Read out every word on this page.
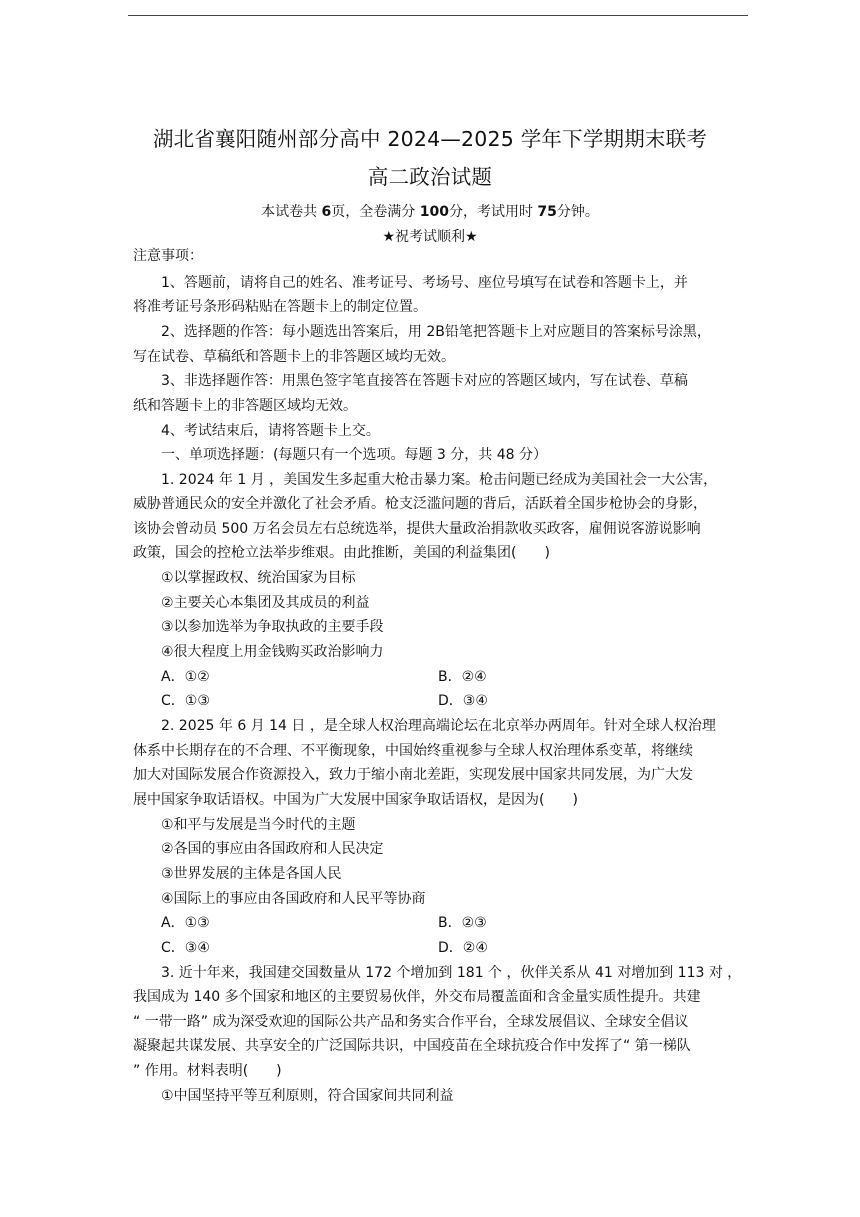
湖北省襄阳随州部分高中 2024—2025 学年下学期期末联考
高二政治试题
本试卷共 6页，全卷满分 100分，考试用时 75分钟。
★祝考试顺利★
注意事项：
1、答题前，请将自己的姓名、准考证号、考场号、座位号填写在试卷和答题卡上，并
将准考证号条形码粘贴在答题卡上的制定位置。
2、选择题的作答：每小题选出答案后，用 2B铅笔把答题卡上对应题目的答案标号涂黑，
写在试卷、草稿纸和答题卡上的非答题区域均无效。
3、非选择题作答：用黑色签字笔直接答在答题卡对应的答题区域内，写在试卷、草稿
纸和答题卡上的非答题区域均无效。
4、考试结束后，请将答题卡上交。
一、单项选择题：(每题只有一个选项。每题 3 分，共 48 分）
1. 2024 年 1 月 ，美国发生多起重大枪击暴力案。枪击问题已经成为美国社会一大公害，
威胁普通民众的安全并激化了社会矛盾。枪支泛滥问题的背后，活跃着全国步枪协会的身影，
该协会曾动员 500 万名会员左右总统选举，提供大量政治捐款收买政客，雇佣说客游说影响
政策，国会的控枪立法举步维艰。由此推断，美国的利益集团(　　)
①以掌握政权、统治国家为目标
②主要关心本集团及其成员的利益
③以参加选举为争取执政的主要手段
④很大程度上用金钱购买政治影响力
A．①②	B．②④
C．①③	D．③④
2. 2025 年 6 月 14 日 ，是全球人权治理高端论坛在北京举办两周年。针对全球人权治理
体系中长期存在的不合理、不平衡现象，中国始终重视参与全球人权治理体系变革，将继续
加大对国际发展合作资源投入，致力于缩小南北差距，实现发展中国家共同发展，为广大发
展中国家争取话语权。中国为广大发展中国家争取话语权，是因为(　　)
①和平与发展是当今时代的主题
②各国的事应由各国政府和人民决定
③世界发展的主体是各国人民
④国际上的事应由各国政府和人民平等协商
A．①③	B．②③
C．③④	D．②④
3. 近十年来，我国建交国数量从 172 个增加到 181 个 ，伙伴关系从 41 对增加到 113 对 ，
我国成为 140 多个国家和地区的主要贸易伙伴，外交布局覆盖面和含金量实质性提升。共建
“ 一带一路” 成为深受欢迎的国际公共产品和务实合作平台，全球发展倡议、全球安全倡议
凝聚起共谋发展、共享安全的广泛国际共识，中国疫苗在全球抗疫合作中发挥了“ 第一梯队
” 作用。材料表明(　　)
①中国坚持平等互利原则，符合国家间共同利益
